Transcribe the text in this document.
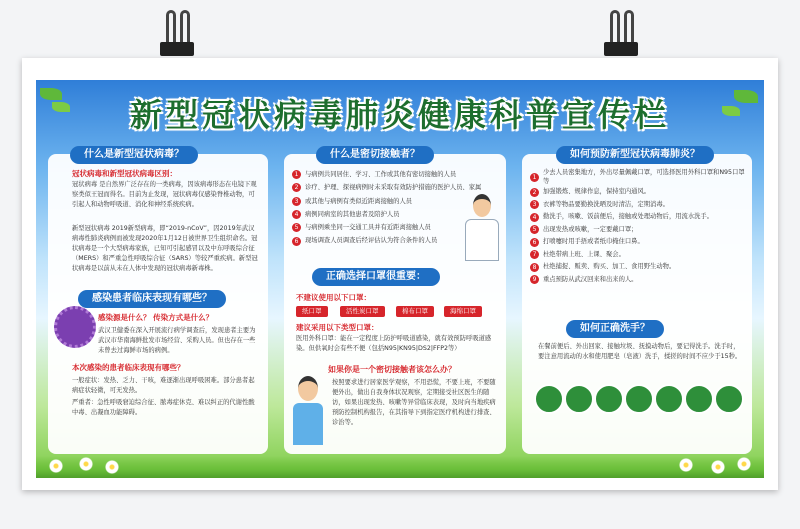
新型冠状病毒肺炎健康科普宣传栏
什么是新型冠状病毒？
冠状病毒和新型冠状病毒区别：
冠状病毒 是自然界广泛存在的一类病毒，因该病毒形态在电镜下观察类似王冠而得名。目前为止发现，冠状病毒仅感染脊椎动物，可引起人和动物呼吸道、消化和神经系统疾病。
新型冠状病毒 2019新型病毒，即“2019-nCoV”，因2019年武汉病毒性肺炎病例而被发现2020年1月12日被世界卫生组织命名。冠状病毒是一个大型病毒家族，已知可引起感冒以及中东呼吸综合征（MERS）和严重急性呼吸综合征（SARS）等较严重疾病。新型冠状病毒是以前从未在人体中发现的冠状病毒新毒株。
感染患者临床表现有哪些？
感染源是什么？ 传染方式是什么？
武汉卫健委在深入开展流行病学调查后，发现患者主要为武汉市华南海鲜批发市场经营、采购人员。但也存在一些未曾去过海鲜市场的病例。
本次感染的患者临床表现有哪些？
一般症状：发热、乏力、干咳，难逐渐出现呼吸困难。部分患者起病症状轻微，可无发热。
严重者：急性呼吸窘迫综合征、脓毒症休克、难以纠正的代谢性酸中毒、出凝血功能障碍。
什么是密切接触者？
1	与病例共同居住、学习、工作或其他有密切接触的人员
2	诊疗、护理、探视病例时未采取有效防护措施的医护人员、家属
3	或其他与病例有类似近距离接触的人员
4	病例同病室的其他患者及陪护人员
5	与病例乘坐同一交通工具并有近距离接触人员
6	现场调查人员调查后经评估认为符合条件的人员
正确选择口罩很重要：
不建议使用以下口罩：
纸口罩	活性炭口罩	棉布口罩	海绵口罩
建议采用以下类型口罩：
医用外科口罩：能在一定程度上防护呼吸道感染，就有效预防呼吸道感染。但供氧时会有些不便（包括N95|KN95|DS2|FFP2等）
如果你是一个密切接触者该怎么办？
按照要求进行居家医学观察，不用恐慌，不要上班，不要随便外出，做出自我身体状况观察，定期接受社区医生的随访，如果出现发热、咳嗽等异常临床表现，及时向当地疾病预防控制机构报告，在其指导下到指定医疗机构进行排查、诊治等。
如何预防新型冠状病毒肺炎？
1
少去人员密集地方，外出尽量佩戴口罩，可选择医用外科口罩和N95口罩等
2	加强锻炼、规律作息，保持室内通风。
3	衣裤等物品要勤换洗晒及时清洁，定期消毒。
4	勤洗手，咳嗽、饭前便后，接触或处理动物后，用流水洗手。
5	出现发热或咳嗽，一定要戴口罩；
6	打喷嚏时用手捂或者纸巾掩住口鼻。
7	杜绝带病上班、上课、聚会。
8	杜绝捕捉、贩卖、购买、加工、食用野生动物。
9	重点预防从武汉回来和出来的人。
如何正确洗手？
在餐前便后、外出回家、接触垃圾、抚摸动物后，要记得洗手。洗手时，要注意用流动的水和使用肥皂（皂液）洗手，揉搓的时间不应少于15秒。
